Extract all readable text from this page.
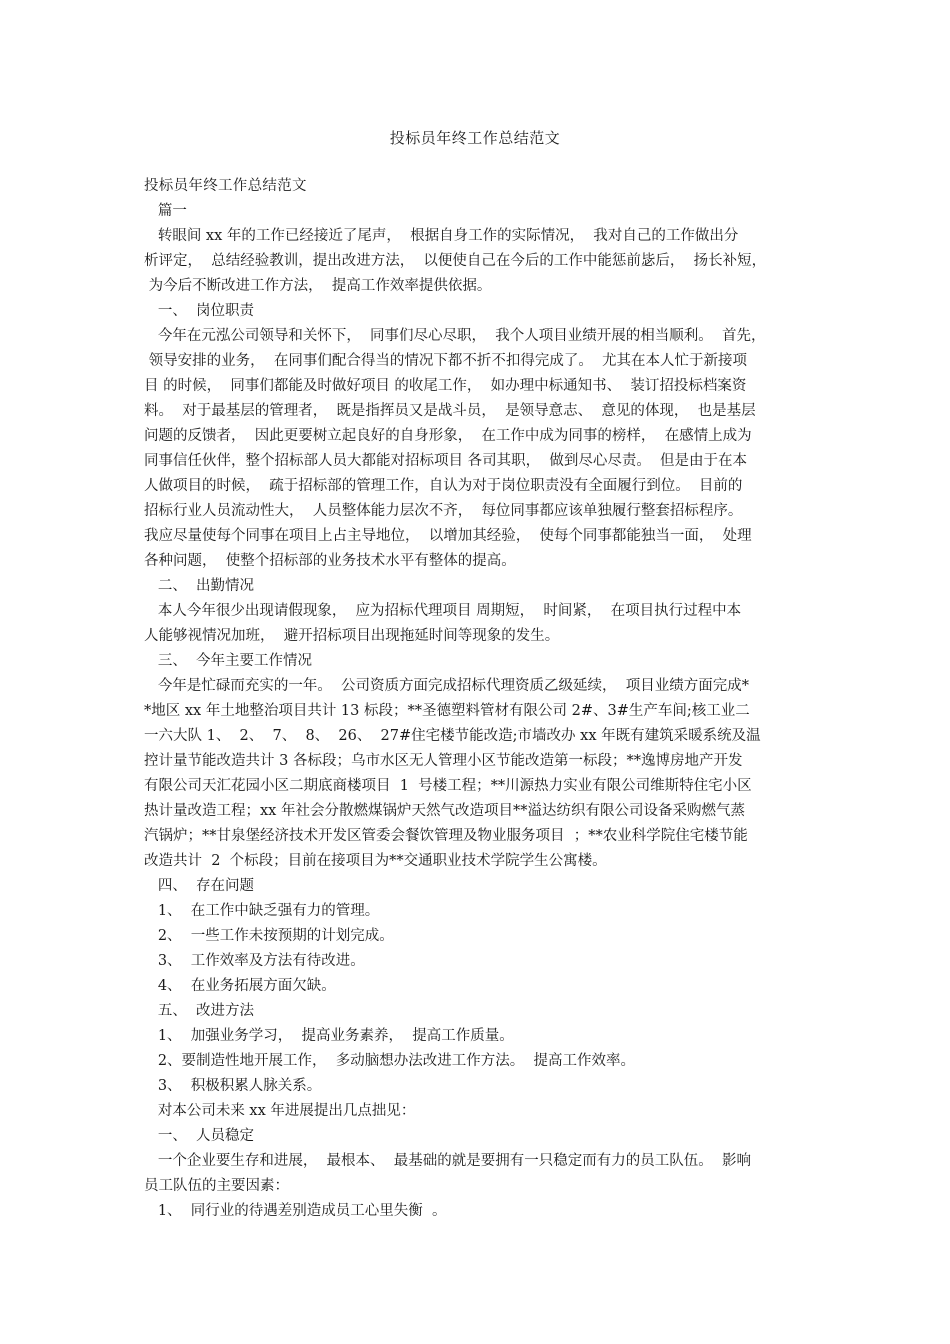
投标员年终工作总结范文

投标员年终工作总结范文

篇一

转眼间 xx 年的工作已经接近了尾声，  根据自身工作的实际情况，  我对自己的工作做出分

析评定，  总结经验教训，提出改进方法，  以便使自己在今后的工作中能惩前毖后，  扬长补短，

为今后不断改进工作方法，  提高工作效率提供依据。

一、  岗位职责

今年在元泓公司领导和关怀下，  同事们尽心尽职，  我个人项目业绩开展的相当顺利。  首先，

领导安排的业务，  在同事们配合得当的情况下都不折不扣得完成了。  尤其在本人忙于新接项

目 的时候，  同事们都能及时做好项目 的收尾工作，  如办理中标通知书、  装订招投标档案资

料。  对于最基层的管理者，  既是指挥员又是战斗员，  是领导意志、  意见的体现，  也是基层

问题的反馈者，  因此更要树立起良好的自身形象，  在工作中成为同事的榜样，  在感情上成为

同事信任伙伴，整个招标部人员大都能对招标项目 各司其职，  做到尽心尽责。  但是由于在本

人做项目的时候，  疏于招标部的管理工作，自认为对于岗位职责没有全面履行到位。  目前的

招标行业人员流动性大，  人员整体能力层次不齐，  每位同事都应该单独履行整套招标程序。

我应尽量使每个同事在项目上占主导地位，  以增加其经验，  使每个同事都能独当一面，  处理

各种问题，  使整个招标部的业务技术水平有整体的提高。

二、  出勤情况

本人今年很少出现请假现象，  应为招标代理项目 周期短，  时间紧，  在项目执行过程中本

人能够视情况加班，  避开招标项目出现拖延时间等现象的发生。

三、  今年主要工作情况

今年是忙碌而充实的一年。  公司资质方面完成招标代理资质乙级延续，  项目业绩方面完成*

*地区 xx 年土地整治项目共计 13 标段；**圣德塑料管材有限公司 2#、3#生产车间;核工业二

一六大队 1、  2、  7、  8、  26、  27#住宅楼节能改造;市墙改办 xx 年既有建筑采暖系统及温

控计量节能改造共计 3 各标段；乌市水区无人管理小区节能改造第一标段；**逸博房地产开发

有限公司天汇花园小区二期底商楼项目  1  号楼工程；**川源热力实业有限公司维斯特住宅小区

热计量改造工程；xx 年社会分散燃煤锅炉天然气改造项目**溢达纺织有限公司设备采购燃气蒸

汽锅炉；**甘泉堡经济技术开发区管委会餐饮管理及物业服务项目  ；**农业科学院住宅楼节能

改造共计  2  个标段；目前在接项目为**交通职业技术学院学生公寓楼。

四、  存在问题

1、  在工作中缺乏强有力的管理。

2、  一些工作未按预期的计划完成。

3、  工作效率及方法有待改进。

4、  在业务拓展方面欠缺。

五、  改进方法

1、  加强业务学习，  提高业务素养，  提高工作质量。

2、要制造性地开展工作，  多动脑想办法改进工作方法。  提高工作效率。

3、  积极积累人脉关系。

对本公司未来 xx 年进展提出几点拙见：

一、  人员稳定

一个企业要生存和进展，  最根本、  最基础的就是要拥有一只稳定而有力的员工队伍。  影响

员工队伍的主要因素：

1、  同行业的待遇差别造成员工心里失衡  。
